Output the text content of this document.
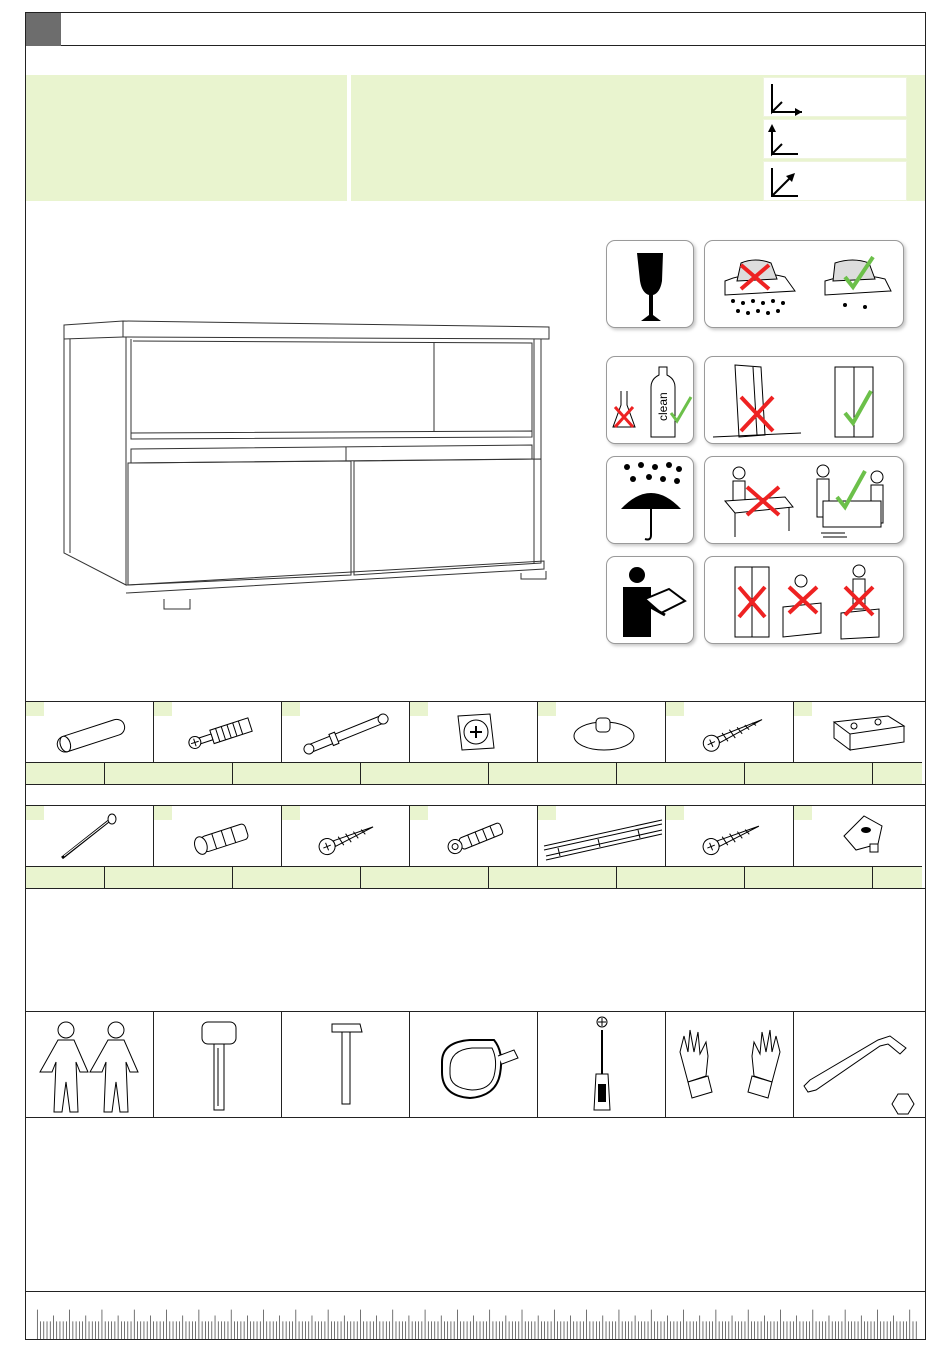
clean
